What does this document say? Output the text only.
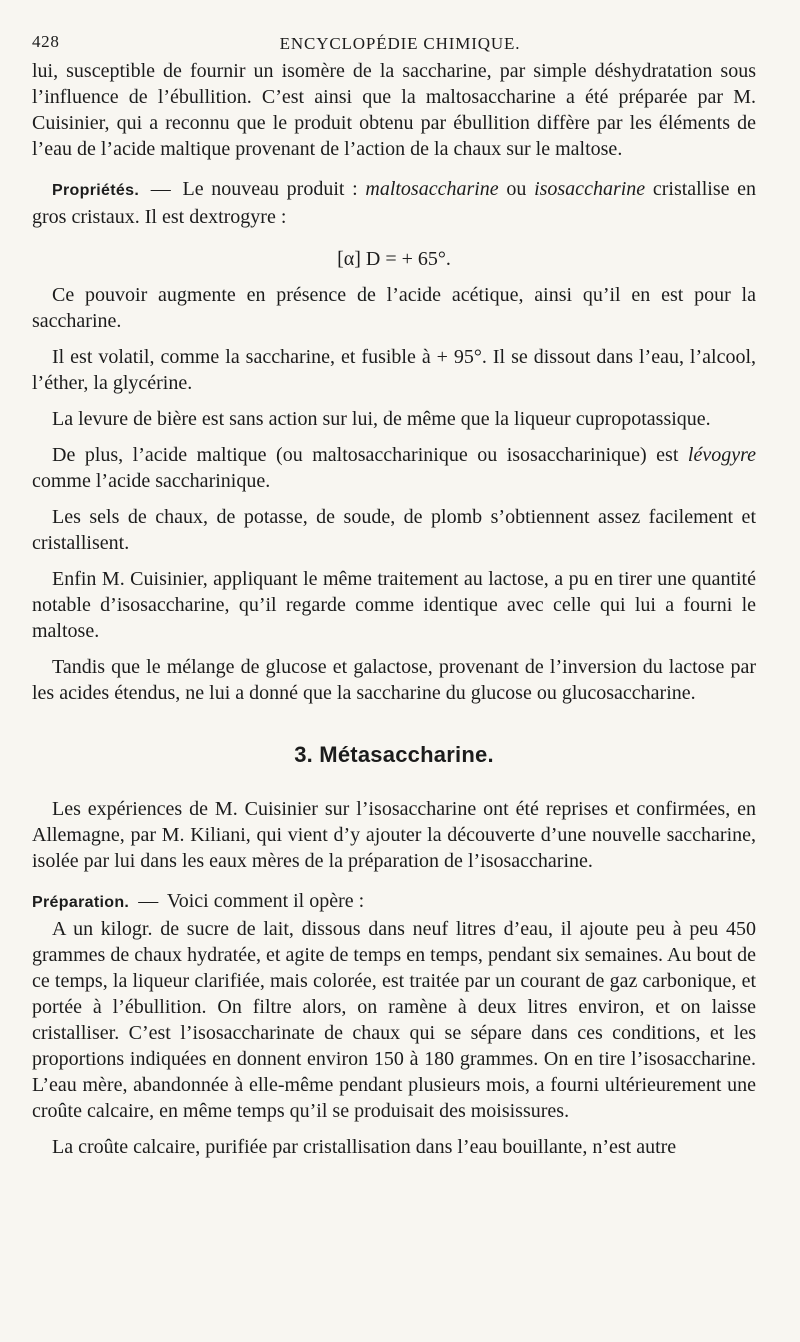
428	ENCYCLOPÉDIE CHIMIQUE.

lui, susceptible de fournir un isomère de la saccharine, par simple déshydratation sous l’influence de l’ébullition. C’est ainsi que la maltosaccharine a été préparée par M. Cuisinier, qui a reconnu que le produit obtenu par ébullition diffère par les éléments de l’eau de l’acide maltique provenant de l’action de la chaux sur le maltose.

Propriétés. — Le nouveau produit : maltosaccharine ou isosaccharine cristallise en gros cristaux. Il est dextrogyre :

[α] D = + 65°.

Ce pouvoir augmente en présence de l’acide acétique, ainsi qu’il en est pour la saccharine.

Il est volatil, comme la saccharine, et fusible à + 95°. Il se dissout dans l’eau, l’alcool, l’éther, la glycérine.

La levure de bière est sans action sur lui, de même que la liqueur cupropotassique.

De plus, l’acide maltique (ou maltosaccharinique ou isosaccharinique) est lévogyre comme l’acide saccharinique.

Les sels de chaux, de potasse, de soude, de plomb s’obtiennent assez facilement et cristallisent.

Enfin M. Cuisinier, appliquant le même traitement au lactose, a pu en tirer une quantité notable d’isosaccharine, qu’il regarde comme identique avec celle qui lui a fourni le maltose.

Tandis que le mélange de glucose et galactose, provenant de l’inversion du lactose par les acides étendus, ne lui a donné que la saccharine du glucose ou glucosaccharine.

3. Métasaccharine.

Les expériences de M. Cuisinier sur l’isosaccharine ont été reprises et confirmées, en Allemagne, par M. Kiliani, qui vient d’y ajouter la découverte d’une nouvelle saccharine, isolée par lui dans les eaux mères de la préparation de l’isosaccharine.

Préparation. — Voici comment il opère :

A un kilogr. de sucre de lait, dissous dans neuf litres d’eau, il ajoute peu à peu 450 grammes de chaux hydratée, et agite de temps en temps, pendant six semaines. Au bout de ce temps, la liqueur clarifiée, mais colorée, est traitée par un courant de gaz carbonique, et portée à l’ébullition. On filtre alors, on ramène à deux litres environ, et on laisse cristalliser. C’est l’isosaccharinate de chaux qui se sépare dans ces conditions, et les proportions indiquées en donnent environ 150 à 180 grammes. On en tire l’isosaccharine. L’eau mère, abandonnée à elle-même pendant plusieurs mois, a fourni ultérieurement une croûte calcaire, en même temps qu’il se produisait des moisissures.

La croûte calcaire, purifiée par cristallisation dans l’eau bouillante, n’est autre
